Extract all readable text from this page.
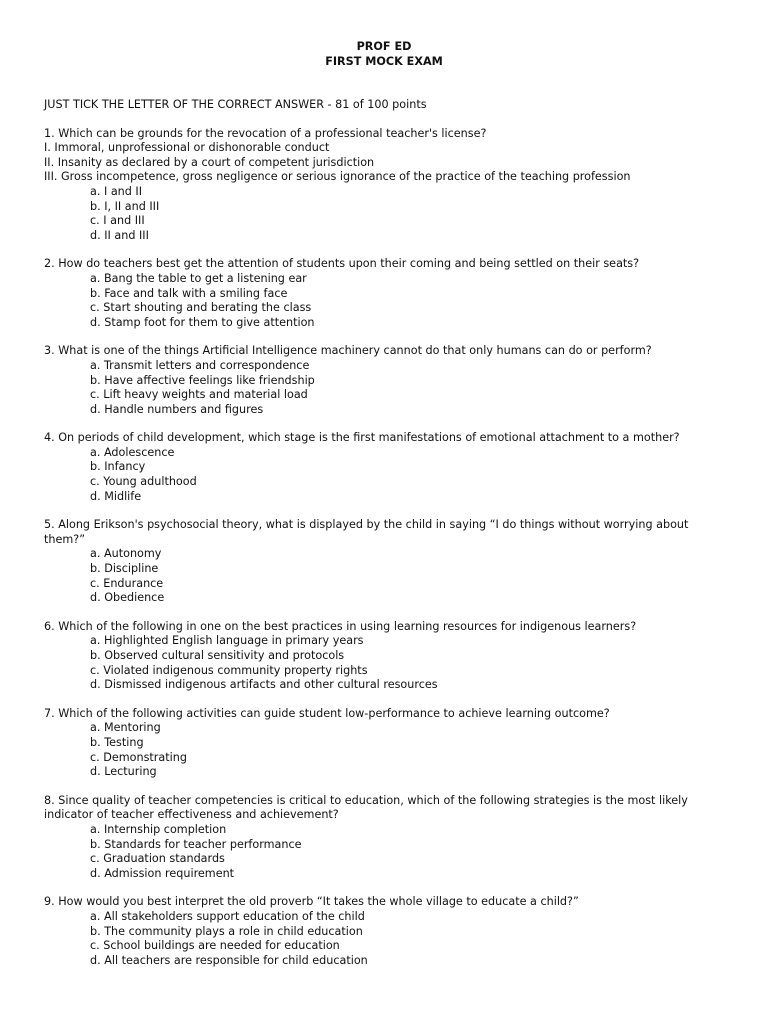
PROF ED
FIRST MOCK EXAM

JUST TICK THE LETTER OF THE CORRECT ANSWER - 81 of 100 points

1. Which can be grounds for the revocation of a professional teacher's license?

I. Immoral, unprofessional or dishonorable conduct

II. Insanity as declared by a court of competent jurisdiction

III. Gross incompetence, gross negligence or serious ignorance of the practice of the teaching profession

a. I and II
b. I, II and III
c. I and III
d. II and III

2. How do teachers best get the attention of students upon their coming and being settled on their seats?

a. Bang the table to get a listening ear
b. Face and talk with a smiling face
c. Start shouting and berating the class
d. Stamp foot for them to give attention

3. What is one of the things Artificial Intelligence machinery cannot do that only humans can do or perform?

a. Transmit letters and correspondence
b. Have affective feelings like friendship
c. Lift heavy weights and material load
d. Handle numbers and figures

4. On periods of child development, which stage is the first manifestations of emotional attachment to a mother?

a. Adolescence
b. Infancy
c. Young adulthood
d. Midlife

5. Along Erikson's psychosocial theory, what is displayed by the child in saying “I do things without worrying about them?”

a. Autonomy
b. Discipline
c. Endurance
d. Obedience

6. Which of the following in one on the best practices in using learning resources for indigenous learners?

a. Highlighted English language in primary years
b. Observed cultural sensitivity and protocols
c. Violated indigenous community property rights
d. Dismissed indigenous artifacts and other cultural resources

7. Which of the following activities can guide student low-performance to achieve learning outcome?

a. Mentoring
b. Testing
c. Demonstrating
d. Lecturing

8. Since quality of teacher competencies is critical to education, which of the following strategies is the most likely indicator of teacher effectiveness and achievement?

a. Internship completion
b. Standards for teacher performance
c. Graduation standards
d. Admission requirement

9. How would you best interpret the old proverb “It takes the whole village to educate a child?”

a. All stakeholders support education of the child
b. The community plays a role in child education
c. School buildings are needed for education
d. All teachers are responsible for child education
